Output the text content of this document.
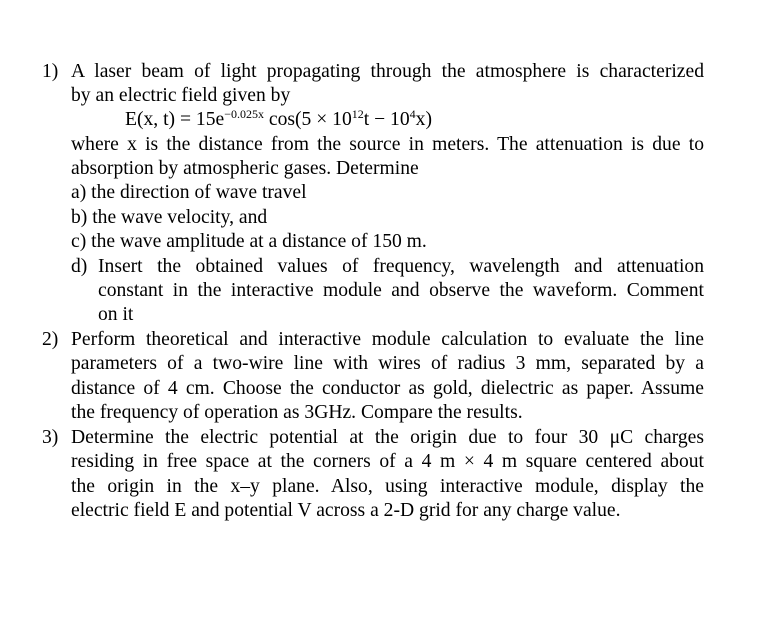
1) A laser beam of light propagating through the atmosphere is characterized
by an electric field given by
E(x, $t) = 15e^{-0.025x}$ $\cos(5 \times 10^{12}t - 10^4x)$
where x is the distance from the source in meters. The attenuation is due to
absorption by atmospheric gases. Determine
a) the direction of wave travel
b) the wave velocity, and
c) the wave amplitude at a distance of 150 m.
d) Insert the obtained values of frequency, wavelength and attenuation
constant in the interactive module and observe the waveform. Comment
on it
2) Perform theoretical and interactive module calculation to evaluate the line
parameters of a two-wire line with wires of radius 3 mm, separated by a
distance of 4 cm. Choose the conductor as gold, dielectric as paper. Assume
the frequency of operation as 3GHz. Compare the results.
3) Determine the electric potential at the origin due to four 30 μC charges
residing in free space at the corners of a 4 m × 4 m square centered about
the origin in the x–y plane. Also, using interactive module, display the
electric field E and potential V across a 2-D grid for any charge value.
